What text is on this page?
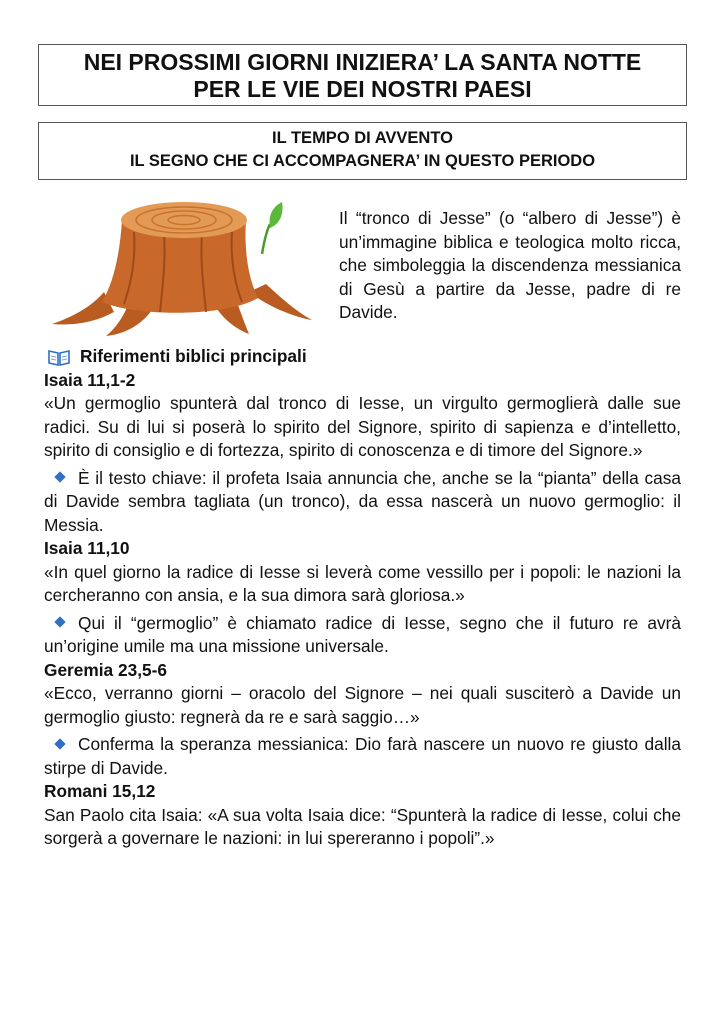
NEI PROSSIMI GIORNI INIZIERA’ LA SANTA NOTTE
PER LE VIE DEI NOSTRI PAESI
IL TEMPO DI AVVENTO
IL SEGNO CHE CI ACCOMPAGNERA’ IN QUESTO PERIODO
Il “tronco di Jesse” (o “albero di Jesse”) è un’immagine biblica e teologica molto ricca, che simboleggia la discendenza messianica di Gesù a partire da Jesse, padre di re Davide.
Riferimenti biblici principali

Isaia 11,1-2

«Un germoglio spunterà dal tronco di Iesse, un virgulto germoglierà dalle sue radici. Su di lui si poserà lo spirito del Signore, spirito di sapienza e d’intelletto, spirito di consiglio e di fortezza, spirito di conoscenza e di timore del Signore.»

È il testo chiave: il profeta Isaia annuncia che, anche se la “pianta” della casa di Davide sembra tagliata (un tronco), da essa nascerà un nuovo germoglio: il Messia.

Isaia 11,10

«In quel giorno la radice di Iesse si leverà come vessillo per i popoli: le nazioni la cercheranno con ansia, e la sua dimora sarà gloriosa.»

Qui il “germoglio” è chiamato radice di Iesse, segno che il futuro re avrà un’origine umile ma una missione universale.

Geremia 23,5-6

«Ecco, verranno giorni – oracolo del Signore – nei quali susciterò a Davide un germoglio giusto: regnerà da re e sarà saggio…»

Conferma la speranza messianica: Dio farà nascere un nuovo re giusto dalla stirpe di Davide.

Romani 15,12

San Paolo cita Isaia: «A sua volta Isaia dice: “Spunterà la radice di Iesse, colui che sorgerà a governare le nazioni: in lui spereranno i popoli”.»
